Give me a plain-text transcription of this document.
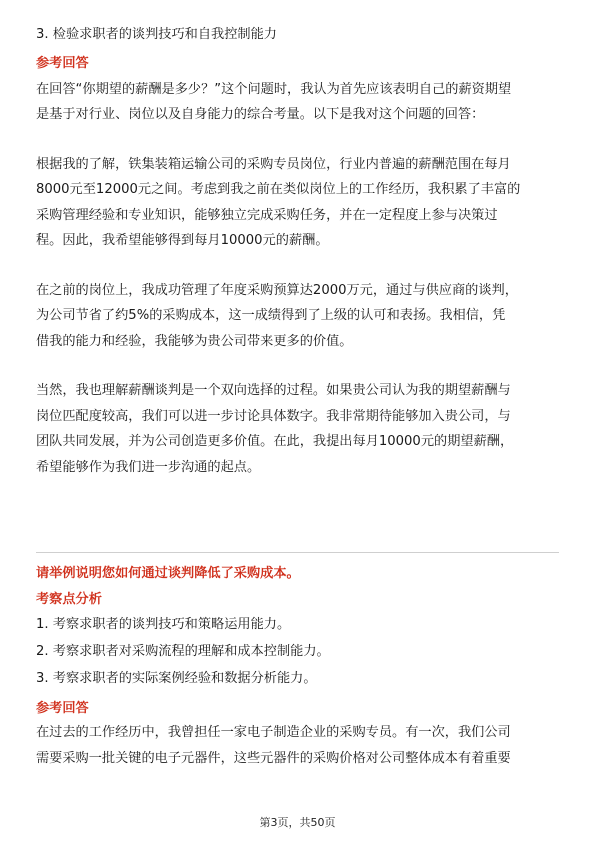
3. 检验求职者的谈判技巧和自我控制能力

参考回答

在回答“你期望的薪酬是多少？”这个问题时，我认为首先应该表明自己的薪资期望

是基于对行业、岗位以及自身能力的综合考量。以下是我对这个问题的回答：

根据我的了解，铁集装箱运输公司的采购专员岗位，行业内普遍的薪酬范围在每月

8000元至12000元之间。考虑到我之前在类似岗位上的工作经历，我积累了丰富的

采购管理经验和专业知识，能够独立完成采购任务，并在一定程度上参与决策过

程。因此，我希望能够得到每月10000元的薪酬。

在之前的岗位上，我成功管理了年度采购预算达2000万元，通过与供应商的谈判，

为公司节省了约5%的采购成本，这一成绩得到了上级的认可和表扬。我相信，凭

借我的能力和经验，我能够为贵公司带来更多的价值。

当然，我也理解薪酬谈判是一个双向选择的过程。如果贵公司认为我的期望薪酬与

岗位匹配度较高，我们可以进一步讨论具体数字。我非常期待能够加入贵公司，与

团队共同发展，并为公司创造更多价值。在此，我提出每月10000元的期望薪酬，

希望能够作为我们进一步沟通的起点。

请举例说明您如何通过谈判降低了采购成本。

考察点分析

1. 考察求职者的谈判技巧和策略运用能力。

2. 考察求职者对采购流程的理解和成本控制能力。

3. 考察求职者的实际案例经验和数据分析能力。

参考回答

在过去的工作经历中，我曾担任一家电子制造企业的采购专员。有一次，我们公司

需要采购一批关键的电子元器件，这些元器件的采购价格对公司整体成本有着重要

第3页，共50页
